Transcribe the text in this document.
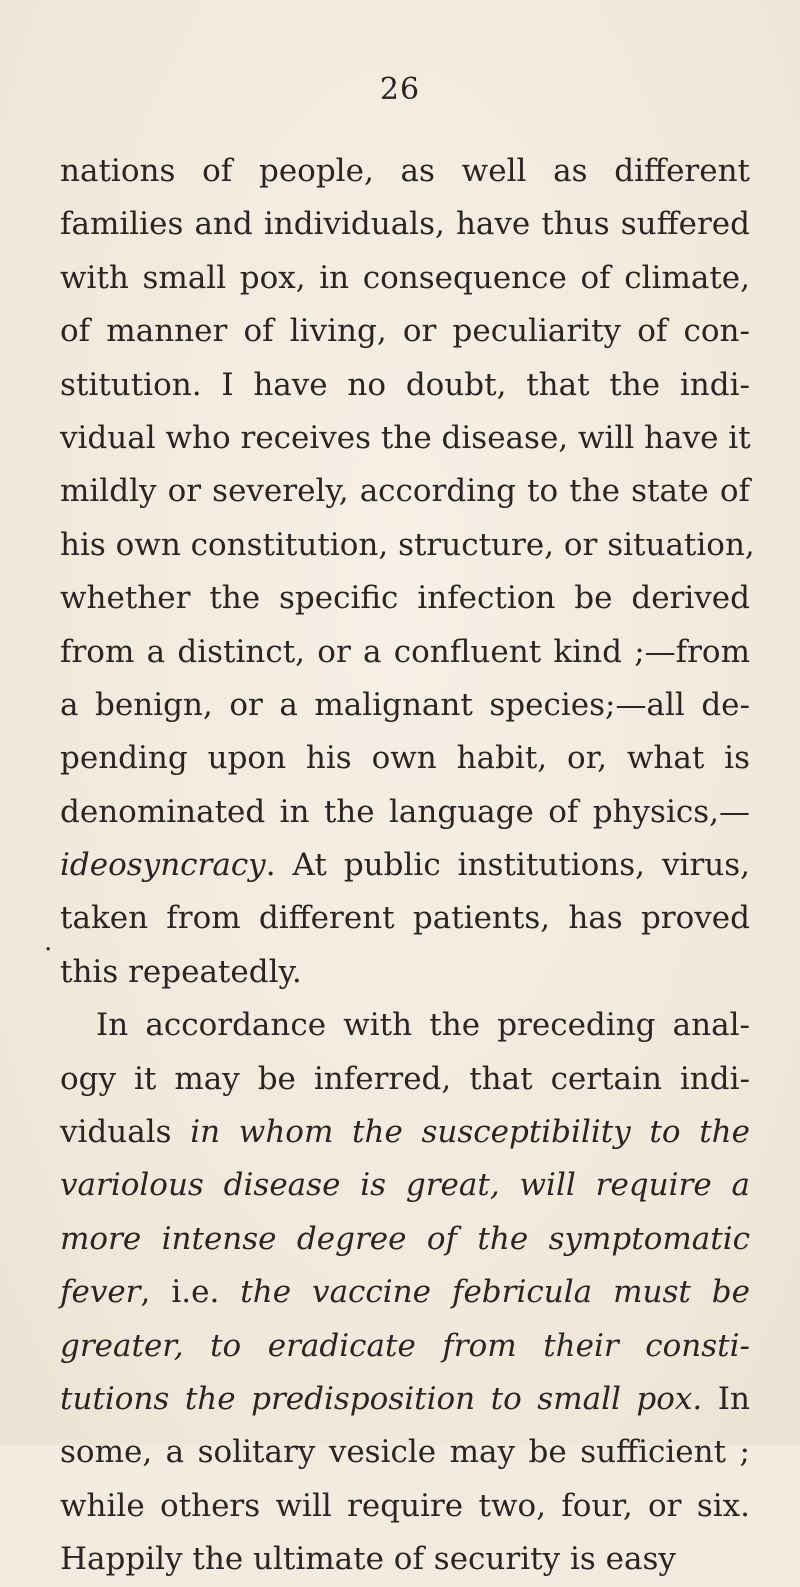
26
.
nations of people, as well as different
families and individuals, have thus suffered
with small pox, in consequence of climate,
of manner of living, or peculiarity of con-
stitution. I have no doubt, that the indi-
vidual who receives the disease, will have it
mildly or severely, according to the state of
his own constitution, structure, or situation,
whether the specific infection be derived
from a distinct, or a confluent kind ;—from
a benign, or a malignant species;—all de-
pending upon his own habit, or, what is
denominated in the language of physics,—
ideosyncracy. At public institutions, virus,
taken from different patients, has proved
this repeatedly.
In accordance with the preceding anal-
ogy it may be inferred, that certain indi-
viduals in whom the susceptibility to the
variolous disease is great, will require a
more intense degree of the symptomatic
fever, i.e. the vaccine febricula must be
greater, to eradicate from their consti-
tutions the predisposition to small pox. In
some, a solitary vesicle may be sufficient ;
while others will require two, four, or six.
Happily the ultimate of security is easy
